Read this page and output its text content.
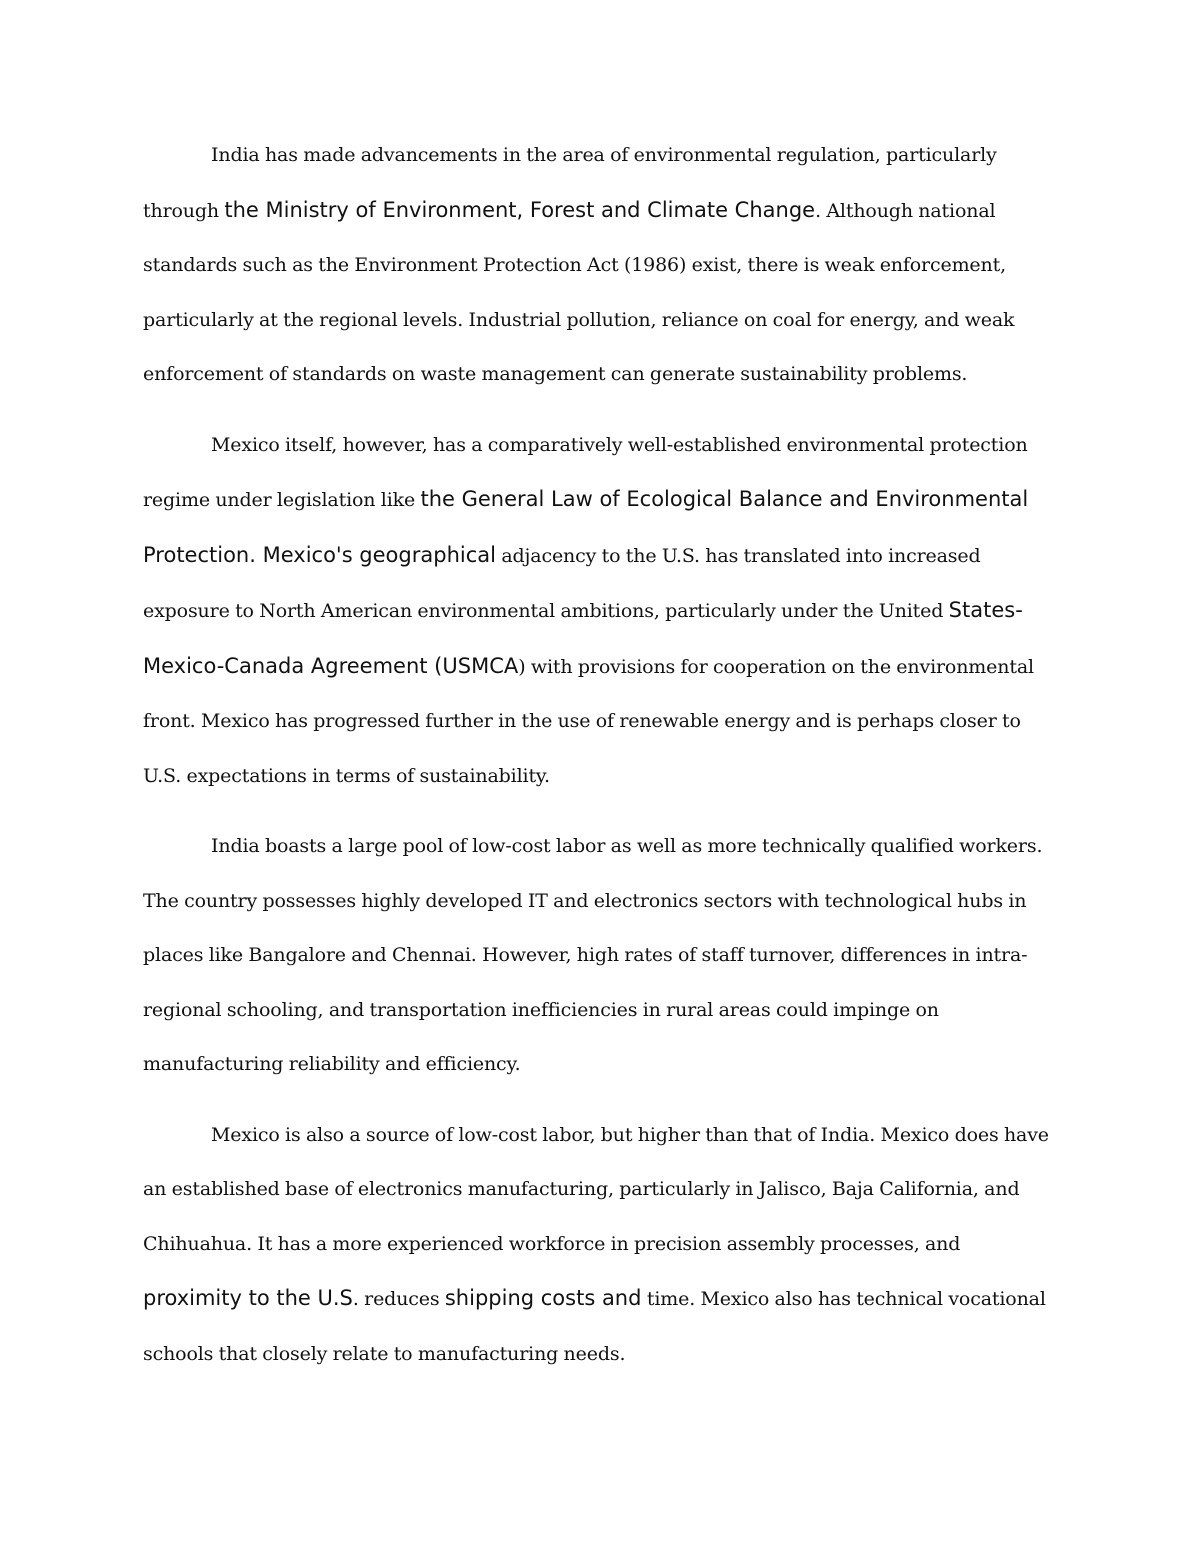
India has made advancements in the area of environmental regulation, particularly through the Ministry of Environment, Forest and Climate Change. Although national standards such as the Environment Protection Act (1986) exist, there is weak enforcement, particularly at the regional levels. Industrial pollution, reliance on coal for energy, and weak enforcement of standards on waste management can generate sustainability problems.

Mexico itself, however, has a comparatively well-established environmental protection regime under legislation like the General Law of Ecological Balance and Environmental Protection. Mexico's geographical adjacency to the U.S. has translated into increased exposure to North American environmental ambitions, particularly under the United States-Mexico-Canada Agreement (USMCA) with provisions for cooperation on the environmental front. Mexico has progressed further in the use of renewable energy and is perhaps closer to U.S. expectations in terms of sustainability.

India boasts a large pool of low-cost labor as well as more technically qualified workers. The country possesses highly developed IT and electronics sectors with technological hubs in places like Bangalore and Chennai. However, high rates of staff turnover, differences in intra-regional schooling, and transportation inefficiencies in rural areas could impinge on manufacturing reliability and efficiency.

Mexico is also a source of low-cost labor, but higher than that of India. Mexico does have an established base of electronics manufacturing, particularly in Jalisco, Baja California, and Chihuahua. It has a more experienced workforce in precision assembly processes, and proximity to the U.S. reduces shipping costs and time. Mexico also has technical vocational schools that closely relate to manufacturing needs.
